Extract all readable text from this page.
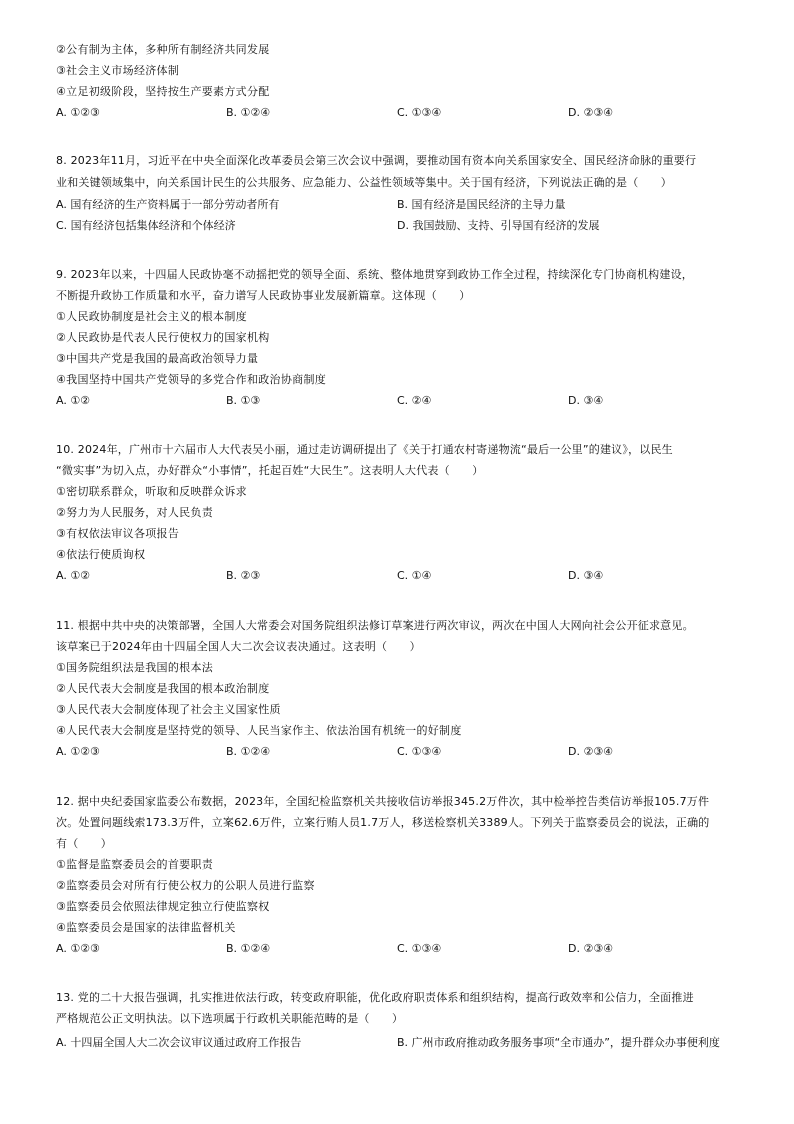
②公有制为主体，多种所有制经济共同发展
③社会主义市场经济体制
④立足初级阶段，坚持按生产要素方式分配
A. ①②③	B. ①②④	C. ①③④	D. ②③④
8. 2023年11月，习近平在中央全面深化改革委员会第三次会议中强调，要推动国有资本向关系国家安全、国民经济命脉的重要行
业和关键领域集中，向关系国计民生的公共服务、应急能力、公益性领域等集中。关于国有经济，下列说法正确的是（　　）
A. 国有经济的生产资料属于一部分劳动者所有	B. 国有经济是国民经济的主导力量
C. 国有经济包括集体经济和个体经济	D. 我国鼓励、支持、引导国有经济的发展
9. 2023年以来，十四届人民政协毫不动摇把党的领导全面、系统、整体地贯穿到政协工作全过程，持续深化专门协商机构建设，
不断提升政协工作质量和水平，奋力谱写人民政协事业发展新篇章。这体现（　　）
①人民政协制度是社会主义的根本制度
②人民政协是代表人民行使权力的国家机构
③中国共产党是我国的最高政治领导力量
④我国坚持中国共产党领导的多党合作和政治协商制度
A. ①②	B. ①③	C. ②④	D. ③④
10. 2024年，广州市十六届市人大代表吴小丽，通过走访调研提出了《关于打通农村寄递物流“最后一公里”的建议》，以民生
“微实事”为切入点，办好群众“小事情”，托起百姓“大民生”。这表明人大代表（　　）
①密切联系群众，听取和反映群众诉求
②努力为人民服务，对人民负责
③有权依法审议各项报告
④依法行使质询权
A. ①②	B. ②③	C. ①④	D. ③④
11. 根据中共中央的决策部署，全国人大常委会对国务院组织法修订草案进行两次审议，两次在中国人大网向社会公开征求意见。
该草案已于2024年由十四届全国人大二次会议表决通过。这表明（　　）
①国务院组织法是我国的根本法
②人民代表大会制度是我国的根本政治制度
③人民代表大会制度体现了社会主义国家性质
④人民代表大会制度是坚持党的领导、人民当家作主、依法治国有机统一的好制度
A. ①②③	B. ①②④	C. ①③④	D. ②③④
12. 据中央纪委国家监委公布数据，2023年，全国纪检监察机关共接收信访举报345.2万件次，其中检举控告类信访举报105.7万件
次。处置问题线索173.3万件，立案62.6万件，立案行贿人员1.7万人，移送检察机关3389人。下列关于监察委员会的说法，正确的
有（　　）
①监督是监察委员会的首要职责
②监察委员会对所有行使公权力的公职人员进行监察
③监察委员会依照法律规定独立行使监察权
④监察委员会是国家的法律监督机关
A. ①②③	B. ①②④	C. ①③④	D. ②③④
13. 党的二十大报告强调，扎实推进依法行政，转变政府职能，优化政府职责体系和组织结构，提高行政效率和公信力，全面推进
严格规范公正文明执法。以下选项属于行政机关职能范畴的是（　　）
A. 十四届全国人大二次会议审议通过政府工作报告	B. 广州市政府推动政务服务事项“全市通办”，提升群众办事便利度
